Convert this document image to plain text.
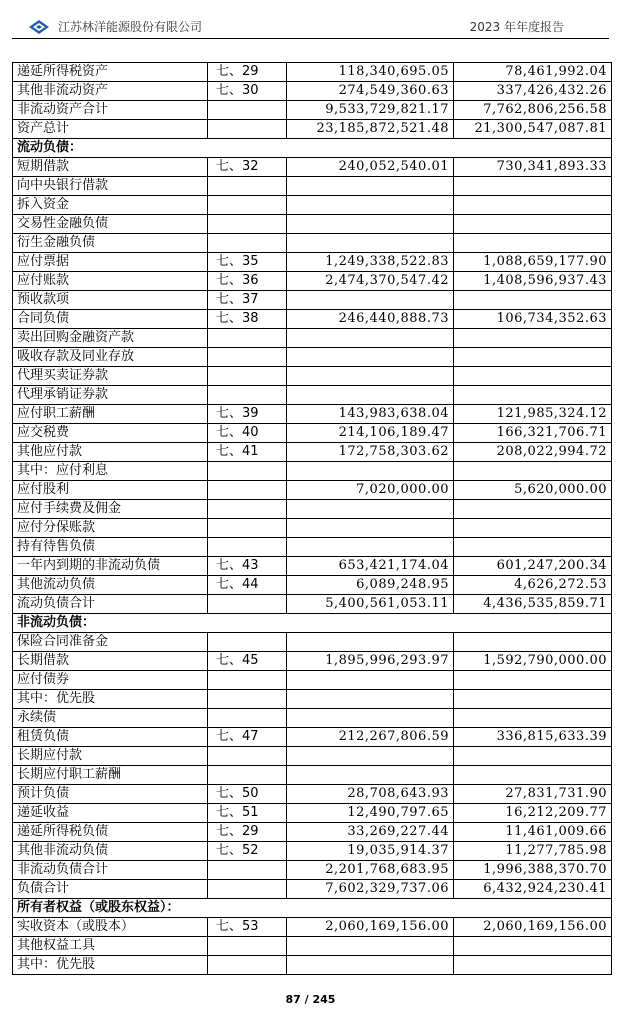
江苏林洋能源股份有限公司	2023 年年度报告
递延所得税资产	七、29	118,340,695.05	78,461,992.04
其他非流动资产	七、30	274,549,360.63	337,426,432.26
非流动资产合计		9,533,729,821.17	7,762,806,256.58
资产总计		23,185,872,521.48	21,300,547,087.81
流动负债：			
短期借款	七、32	240,052,540.01	730,341,893.33
向中央银行借款			
拆入资金			
交易性金融负债			
衍生金融负债			
应付票据	七、35	1,249,338,522.83	1,088,659,177.90
应付账款	七、36	2,474,370,547.42	1,408,596,937.43
预收款项	七、37		
合同负债	七、38	246,440,888.73	106,734,352.63
卖出回购金融资产款			
吸收存款及同业存放			
代理买卖证券款			
代理承销证券款			
应付职工薪酬	七、39	143,983,638.04	121,985,324.12
应交税费	七、40	214,106,189.47	166,321,706.71
其他应付款	七、41	172,758,303.62	208,022,994.72
其中：应付利息			
应付股利		7,020,000.00	5,620,000.00
应付手续费及佣金			
应付分保账款			
持有待售负债			
一年内到期的非流动负债	七、43	653,421,174.04	601,247,200.34
其他流动负债	七、44	6,089,248.95	4,626,272.53
流动负债合计		5,400,561,053.11	4,436,535,859.71
非流动负债：			
保险合同准备金			
长期借款	七、45	1,895,996,293.97	1,592,790,000.00
应付债券			
其中：优先股			
永续债			
租赁负债	七、47	212,267,806.59	336,815,633.39
长期应付款			
长期应付职工薪酬			
预计负债	七、50	28,708,643.93	27,831,731.90
递延收益	七、51	12,490,797.65	16,212,209.77
递延所得税负债	七、29	33,269,227.44	11,461,009.66
其他非流动负债	七、52	19,035,914.37	11,277,785.98
非流动负债合计		2,201,768,683.95	1,996,388,370.70
负债合计		7,602,329,737.06	6,432,924,230.41
所有者权益（或股东权益）：			
实收资本（或股本）	七、53	2,060,169,156.00	2,060,169,156.00
其他权益工具			
其中：优先股			
87 / 245
